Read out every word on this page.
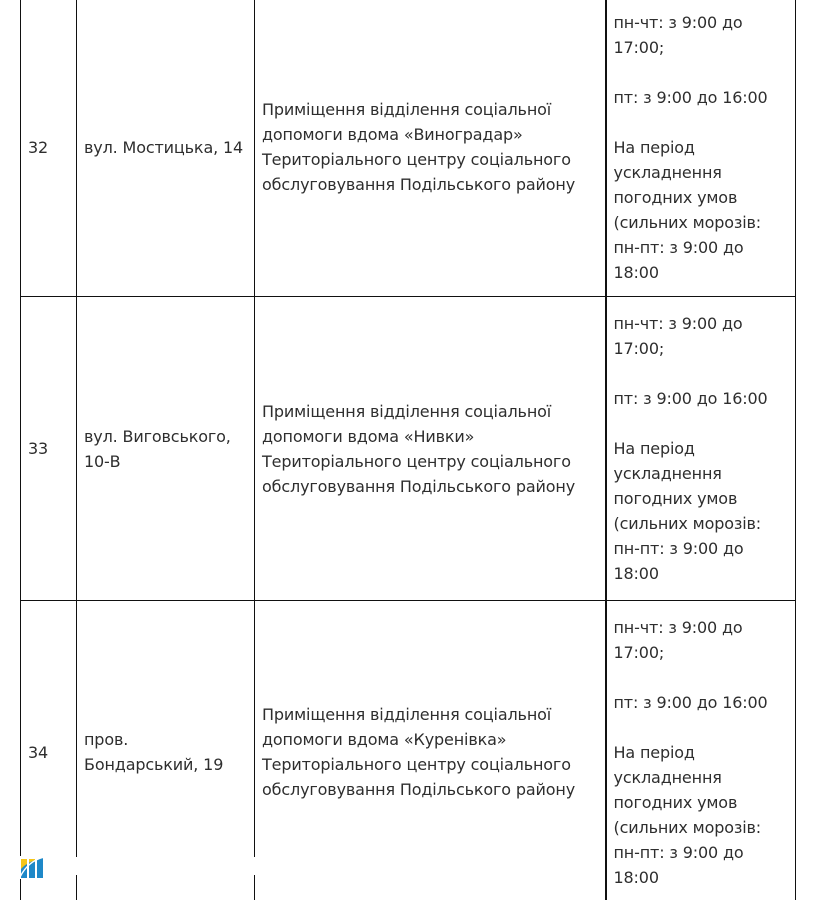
32	вул. Мостицька, 14	Приміщення відділення соціальної допомоги вдома «Виноградар» Територіального центру соціального обслуговування Подільського району	пн-чт: з 9:00 до 17:00;

пт: з 9:00 до 16:00

На період ускладнення погодних умов (сильних морозів: пн-пт: з 9:00 до 18:00

33	вул. Виговського, 10-В	Приміщення відділення соціальної допомоги вдома «Нивки» Територіального центру соціального обслуговування Подільського району	пн-чт: з 9:00 до 17:00;

пт: з 9:00 до 16:00

На період ускладнення погодних умов (сильних морозів: пн-пт: з 9:00 до 18:00

34	пров. Бондарський, 19	Приміщення відділення соціальної допомоги вдома «Куренівка» Територіального центру соціального обслуговування Подільського району	пн-чт: з 9:00 до 17:00;

пт: з 9:00 до 16:00

На період ускладнення погодних умов (сильних морозів: пн-пт: з 9:00 до 18:00
